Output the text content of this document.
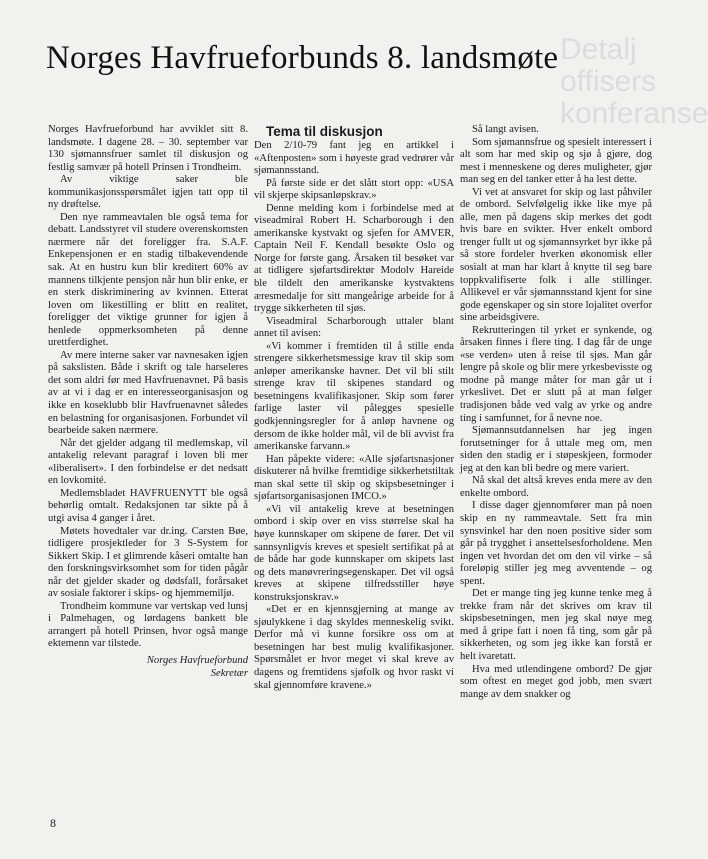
Detalj
offisers
konferanse
Norges Havfrueforbunds 8. landsmøte

Norges Havfrueforbund har avviklet sitt 8. landsmøte. I dagene 28. – 30. september var 130 sjømannsfruer samlet til diskusjon og festlig samvær på hotell Prinsen i Trondheim.

Av viktige saker ble kommunikasjonsspørsmålet igjen tatt opp til ny drøftelse.

Den nye rammeavtalen ble også tema for debatt. Landsstyret vil studere overenskomsten nærmere når det foreligger fra. S.A.F. Enkepensjonen er en stadig tilbakevendende sak. At en hustru kun blir kreditert 60% av mannens tilkjente pensjon når hun blir enke, er en sterk diskriminering av kvinnen. Etterat loven om likestilling er blitt en realitet, foreligger det viktige grunner for igjen å henlede oppmerksomheten på denne urettferdighet.

Av mere interne saker var navnesaken igjen på sakslisten. Både i skrift og tale harseleres det som aldri før med Havfruenavnet. På basis av at vi i dag er en interesseorganisasjon og ikke en koseklubb blir Havfruenavnet således en belastning for organisasjonen. Forbundet vil bearbeide saken nærmere.

Når det gjelder adgang til medlemskap, vil antakelig relevant paragraf i loven bli mer «liberalisert». I den forbindelse er det nedsatt en lovkomité.

Medlemsbladet HAVFRUENYTT ble også behørlig omtalt. Redaksjonen tar sikte på å utgi avisa 4 ganger i året.

Møtets hovedtaler var dr.ing. Carsten Bøe, tidligere prosjektleder for 3 S-System for Sikkert Skip. I et glimrende kåseri omtalte han den forskningsvirksomhet som for tiden pågår når det gjelder skader og dødsfall, forårsaket av sosiale faktorer i skips- og hjemmemiljø.

Trondheim kommune var vertskap ved lunsj i Palmehagen, og lørdagens bankett ble arrangert på hotell Prinsen, hvor også mange ektemenn var tilstede.

Norges Havfrueforbund
Sekretær

Tema til diskusjon

Den 2/10-79 fant jeg en artikkel i «Aftenposten» som i høyeste grad vedrører vår sjømannsstand.

På første side er det slått stort opp: «USA vil skjerpe skipsanløpskrav.»

Denne melding kom i forbindelse med at viseadmiral Robert H. Scharborough i den amerikanske kystvakt og sjefen for AMVER, Captain Neil F. Kendall besøkte Oslo og Norge for første gang. Årsaken til besøket var at tidligere sjøfartsdirektør Modolv Hareide ble tildelt den amerikanske kystvaktens æresmedalje for sitt mangeårige arbeide for å trygge sikkerheten til sjøs.

Viseadmiral Scharborough uttaler blant annet til avisen:

«Vi kommer i fremtiden til å stille enda strengere sikkerhetsmessige krav til skip som anløper amerikanske havner. Det vil bli stilt strenge krav til skipenes standard og besetningens kvalifikasjoner. Skip som fører farlige laster vil pålegges spesielle godkjenningsregler for å anløp havnene og dersom de ikke holder mål, vil de bli avvist fra amerikanske farvann.»

Han påpekte videre: «Alle sjøfartsnasjoner diskuterer nå hvilke fremtidige sikkerhetstiltak man skal sette til skip og skipsbesetninger i sjøfartsorganisasjonen IMCO.»

«Vi vil antakelig kreve at besetningen ombord i skip over en viss størrelse skal ha høye kunnskaper om skipene de fører. Det vil sannsynligvis kreves et spesielt sertifikat på at de både har gode kunnskaper om skipets last og dets manøvreringsegenskaper. Det vil også kreves at skipene tilfredsstiller høye konstruksjonskrav.»

«Det er en kjennsgjerning at mange av sjøulykkene i dag skyldes menneskelig svikt. Derfor må vi kunne forsikre oss om at besetningen har best mulig kvalifikasjoner. Spørsmålet er hvor meget vi skal kreve av dagens og fremtidens sjøfolk og hvor raskt vi skal gjennomføre kravene.»

Så langt avisen.

Som sjømannsfrue og spesielt interessert i alt som har med skip og sjø å gjøre, dog mest i menneskene og deres muligheter, gjør man seg en del tanker etter å ha lest dette.

Vi vet at ansvaret for skip og last påhviler de ombord. Selvfølgelig ikke like mye på alle, men på dagens skip merkes det godt hvis bare en svikter. Hver enkelt ombord trenger fullt ut og sjømannsyrket byr ikke på så store fordeler hverken økonomisk eller sosialt at man har klart å knytte til seg bare toppkvalifiserte folk i alle stillinger. Allikevel er vår sjømannsstand kjent for sine gode egenskaper og sin store lojalitet overfor sine arbeidsgivere.

Rekrutteringen til yrket er synkende, og årsaken finnes i flere ting. I dag får de unge «se verden» uten å reise til sjøs. Man går lengre på skole og blir mere yrkesbevisste og modne på mange måter for man går ut i yrkeslivet. Det er slutt på at man følger tradisjonen både ved valg av yrke og andre ting i samfunnet, for å nevne noe.

Sjømannsutdannelsen har jeg ingen forutsetninger for å uttale meg om, men siden den stadig er i støpeskjeen, formoder jeg at den kan bli bedre og mere variert.

Nå skal det altså kreves enda mere av den enkelte ombord.

I disse dager gjennomfører man på noen skip en ny rammeavtale. Sett fra min synsvinkel har den noen positive sider som går på trygghet i ansettelsesforholdene. Men ingen vet hvordan det om den vil virke – så foreløpig stiller jeg meg avventende – og spent.

Det er mange ting jeg kunne tenke meg å trekke fram når det skrives om krav til skipsbesetningen, men jeg skal nøye meg med å gripe fatt i noen få ting, som går på sikkerheten, og som jeg ikke kan forstå er helt ivaretatt.

Hva med utlendingene ombord? De gjør som oftest en meget god jobb, men svært mange av dem snakker og

8
